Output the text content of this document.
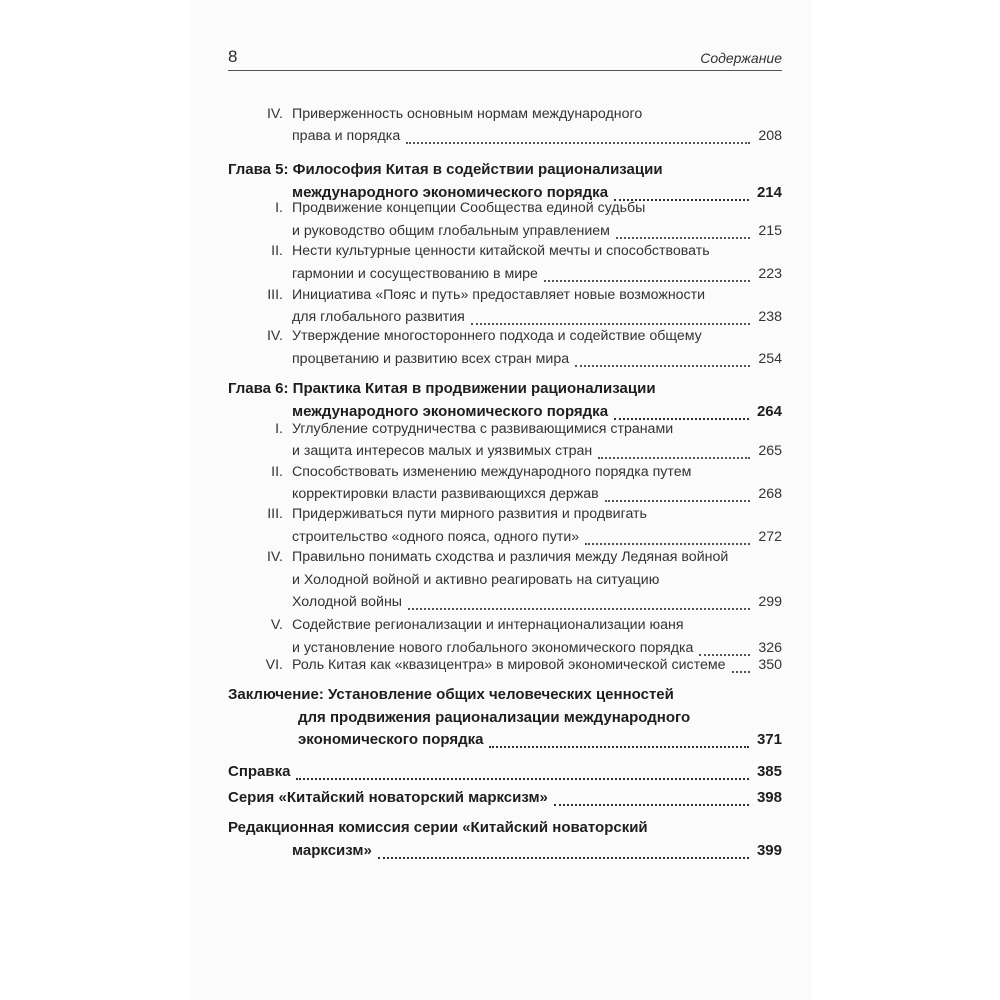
8	Содержание
IV. Приверженность основным нормам международного
права и порядка	208
Глава 5: Философия Китая в содействии рационализации
международного экономического порядка	214
I. Продвижение концепции Сообщества единой судьбы
и руководство общим глобальным управлением	215
II. Нести культурные ценности китайской мечты и способствовать
гармонии и сосуществованию в мире	223
III. Инициатива «Пояс и путь» предоставляет новые возможности
для глобального развития	238
IV. Утверждение многостороннего подхода и содействие общему
процветанию и развитию всех стран мира	254
Глава 6: Практика Китая в продвижении рационализации
международного экономического порядка	264
I. Углубление сотрудничества с развивающимися странами
и защита интересов малых и уязвимых стран	265
II. Способствовать изменению международного порядка путем
корректировки власти развивающихся держав	268
III. Придерживаться пути мирного развития и продвигать
строительство «одного пояса, одного пути»	272
IV. Правильно понимать сходства и различия между Ледяная войной
и Холодной войной и активно реагировать на ситуацию
Холодной войны	299
V. Содействие регионализации и интернационализации юаня
и установление нового глобального экономического порядка	326
VI. Роль Китая как «квазицентра» в мировой экономической системе 350
Заключение: Установление общих человеческих ценностей
для продвижения рационализации международного
экономического порядка	371
Справка	385
Серия «Китайский новаторский марксизм»	398
Редакционная комиссия серии «Китайский новаторский
марксизм»	399
